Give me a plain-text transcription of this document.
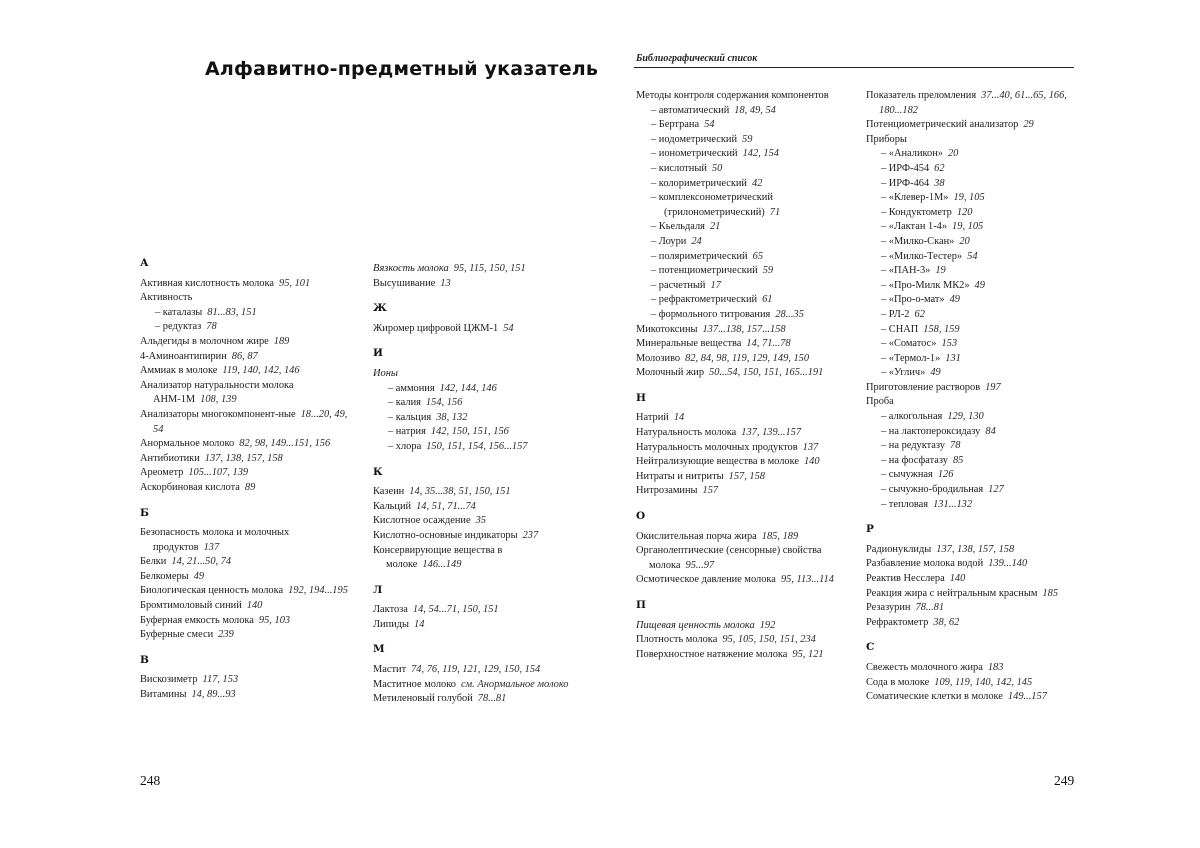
Алфавитно-предметный указатель	Библиографический список
А
Активная кислотность молока 95, 101
Активность
– каталазы 81...83, 151
– редуктаз 78
Альдегиды в молочном жире 189
4-Аминоантипирин 86, 87
Аммиак в молоке 119, 140, 142, 146
Анализатор натуральности молока АНМ-1М 108, 139
Анализаторы многокомпонент-ные 18...20, 49, 54
Анормальное молоко 82, 98, 149...151, 156
Антибиотики 137, 138, 157, 158
Ареометр 105...107, 139
Аскорбиновая кислота 89
Б
Безопасность молока и молочных продуктов 137
Белки 14, 21...50, 74
Белкомеры 49
Биологическая ценность молока 192, 194...195
Бромтимоловый синий 140
Буферная емкость молока 95, 103
Буферные смеси 239
В
Вискозиметр 117, 153
Витамины 14, 89...93
Вязкость молока 95, 115, 150, 151
Высушивание 13
Ж
Жиромер цифровой ЦЖМ-1 54
И
Ионы
– аммония 142, 144, 146
– калия 154, 156
– кальция 38, 132
– натрия 142, 150, 151, 156
– хлора 150, 151, 154, 156...157
К
Казеин 14, 35...38, 51, 150, 151
Кальций 14, 51, 71...74
Кислотное осаждение 35
Кислотно-основные индикаторы 237
Консервирующие вещества в молоке 146...149
Л
Лактоза 14, 54...71, 150, 151
Липиды 14
М
Мастит 74, 76, 119, 121, 129, 150, 154
Маститное молоко см. Анормальное молоко
Метиленовый голубой 78...81
Методы контроля содержания компонентов
– автоматический 18, 49, 54
– Бертрана 54
– иодометрический 59
– ионометрический 142, 154
– кислотный 50
– колориметрический 42
– комплексонометрический (трилонометрический) 71
– Кьельдаля 21
– Лоури 24
– поляриметрический 65
– потенциометрический 59
– расчетный 17
– рефрактометрический 61
– формольного титрования 28...35
Микотоксины 137...138, 157...158
Минеральные вещества 14, 71...78
Молозиво 82, 84, 98, 119, 129, 149, 150
Молочный жир 50...54, 150, 151, 165...191
Н
Натрий 14
Натуральность молока 137, 139...157
Натуральность молочных продуктов 137
Нейтрализующие вещества в молоке 140
Нитраты и нитриты 157, 158
Нитрозамины 157
О
Окислительная порча жира 185, 189
Органолептические (сенсорные) свойства молока 95...97
Осмотическое давление молока 95, 113...114
П
Пищевая ценность молока 192
Плотность молока 95, 105, 150, 151, 234
Поверхностное натяжение молока 95, 121
Показатель преломления 37...40, 61...65, 166, 180...182
Потенциометрический анализатор 29
Приборы
– «Аналикон» 20
– ИРФ-454 62
– ИРФ-464 38
– «Клевер-1М» 19, 105
– Кондуктометр 120
– «Лактан 1-4» 19, 105
– «Милко-Скан» 20
– «Милко-Тестер» 54
– «ПАН-3» 19
– «Про-Милк МК2» 49
– «Про-о-мат» 49
– РЛ-2 62
– СНАП 158, 159
– «Соматос» 153
– «Термол-1» 131
– «Углич» 49
Приготовление растворов 197
Проба
– алкогольная 129, 130
– на лактопероксидазу 84
– на редуктазу 78
– на фосфатазу 85
– сычужная 126
– сычужно-бродильная 127
– тепловая 131...132
Р
Радионуклиды 137, 138, 157, 158
Разбавление молока водой 139...140
Реактив Несслера 140
Реакция жира с нейтральным красным 185
Резазурин 78...81
Рефрактометр 38, 62
С
Свежесть молочного жира 183
Сода в молоке 109, 119, 140, 142, 145
Соматические клетки в молоке 149...157
248	249
